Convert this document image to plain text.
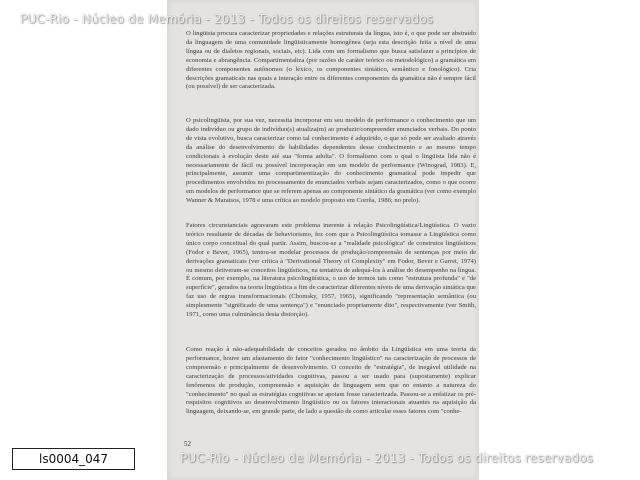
PUC-Rio - Núcleo de Memória - 2013 - Todos os direitos reservados

O lingüista procura caracterizar propriedades e relações estruturais da língua, isto é, o que pode ser abstraído da linguagem de uma comunidade lingüisticamente homogênea (seja esta descrição feita a nível de uma língua ou de dialetos regionais, sociais, etc). Lida com um formalismo que busca satisfazer a princípios de economia e abrangência. Compartimentaliza (por razões de caráter teórico ou metodológico) a gramática em diferentes componentes autônomos (o léxico, os componentes sintático, semântico e fonológico). Cria descrições gramaticais nas quais a interação entre os diferentes componentes da gramática não é sempre fácil (ou possível) de ser caracterizada.

O psicolingüista, por sua vez, necessita incorporar em seu modelo de performance o conhecimento que um dado indivíduo ou grupo de indivíduo(s) atualiza(m) ao produzir/compreender enunciados verbais. Do ponto de vista evolutivo, busca caracterizar como tal conhecimento é adquirido, o que só pode ser avaliado através da análise do desenvolvimento de habilidades dependentes desse conhecimento e ao mesmo tempo condicionais à evolução deste até sua "forma adulta". O formalismo com o qual o lingüista lida não é necessariamente de fácil ou possível incorporação em um modelo de performance (Winograd, 1983). E, principalmente, assumir uma compartimentização do conhecimento gramatical pode impedir que procedimentos envolvidos no processamento de enunciados verbais sejam caracterizados, como o que ocorre em modelos de performance que se referem apenas ao componente sintático da gramática (ver como exemplo Wanner & Maratsos, 1978 e uma crítica ao modelo proposto em Corrêa, 1986; no prelo).

Fatores circunstanciais agravaram este problema inerente à relação Psicolingüística/Lingüística. O vazio teórico resultante de décadas de behaviorismo, fez com que a Psicolingüística tomasse a Lingüística como único corpo conceitual do qual partir. Assim, buscou-se a "realidade psicológica" de construtos lingüísticos (Fodor e Bever, 1965), tentou-se modelar processos de produção/compreensão de sentenças por meio de derivações gramaticais (ver crítica à "Derivational Theory of Complexity" em Fodor, Bever e Garret, 1974) ou mesmo detiveram-se conceitos lingüísticos, na tentativa de adequá-los à análise do desempenho na língua. É comum, por exemplo, na literatura psicolingüística, o uso de termos tais como "estrutura profunda" e "de superfície", gerados na teoria lingüística a fim de caracterizar diferentes níveis de uma derivação sintática que faz uso de regras transformacionais (Chomsky, 1957, 1965), significando "representação semântica (ou simplesmente "significado de uma sentença") e "enunciado propriamente dito", respectivamente (ver Smith, 1971, como uma culminância desta distorção).

Como reação à não-adequabilidade de conceitos gerados no âmbito da Lingüística em uma teoria da performance, houve um afastamento do fator "conhecimento lingüístico" na caracterização de processos de compreensão e principalmente de desenvolvimento. O conceito de "estratégia", de inegável utilidade na caracterização de processos/atividades cognitivas, passou a ser usado para (supostamente) explicar fenômenos de produção, compreensão e aquisição de linguagem sem que no entanto a natureza do "conhecimento" no qual as estratégias cognitivas se apoiam fosse caracterizada. Passou-se a enfatizar os pré-requisitos cognitivos ao desenvolvimento lingüístico ou os fatores interacionais atuantes na aquisição da linguagem, deixando-se, em grande parte, de lado a questão de como articular esses fatores com "conhe-

52
ls0004_047	PUC-Rio - Núcleo de Memória - 2013 - Todos os direitos reservados
